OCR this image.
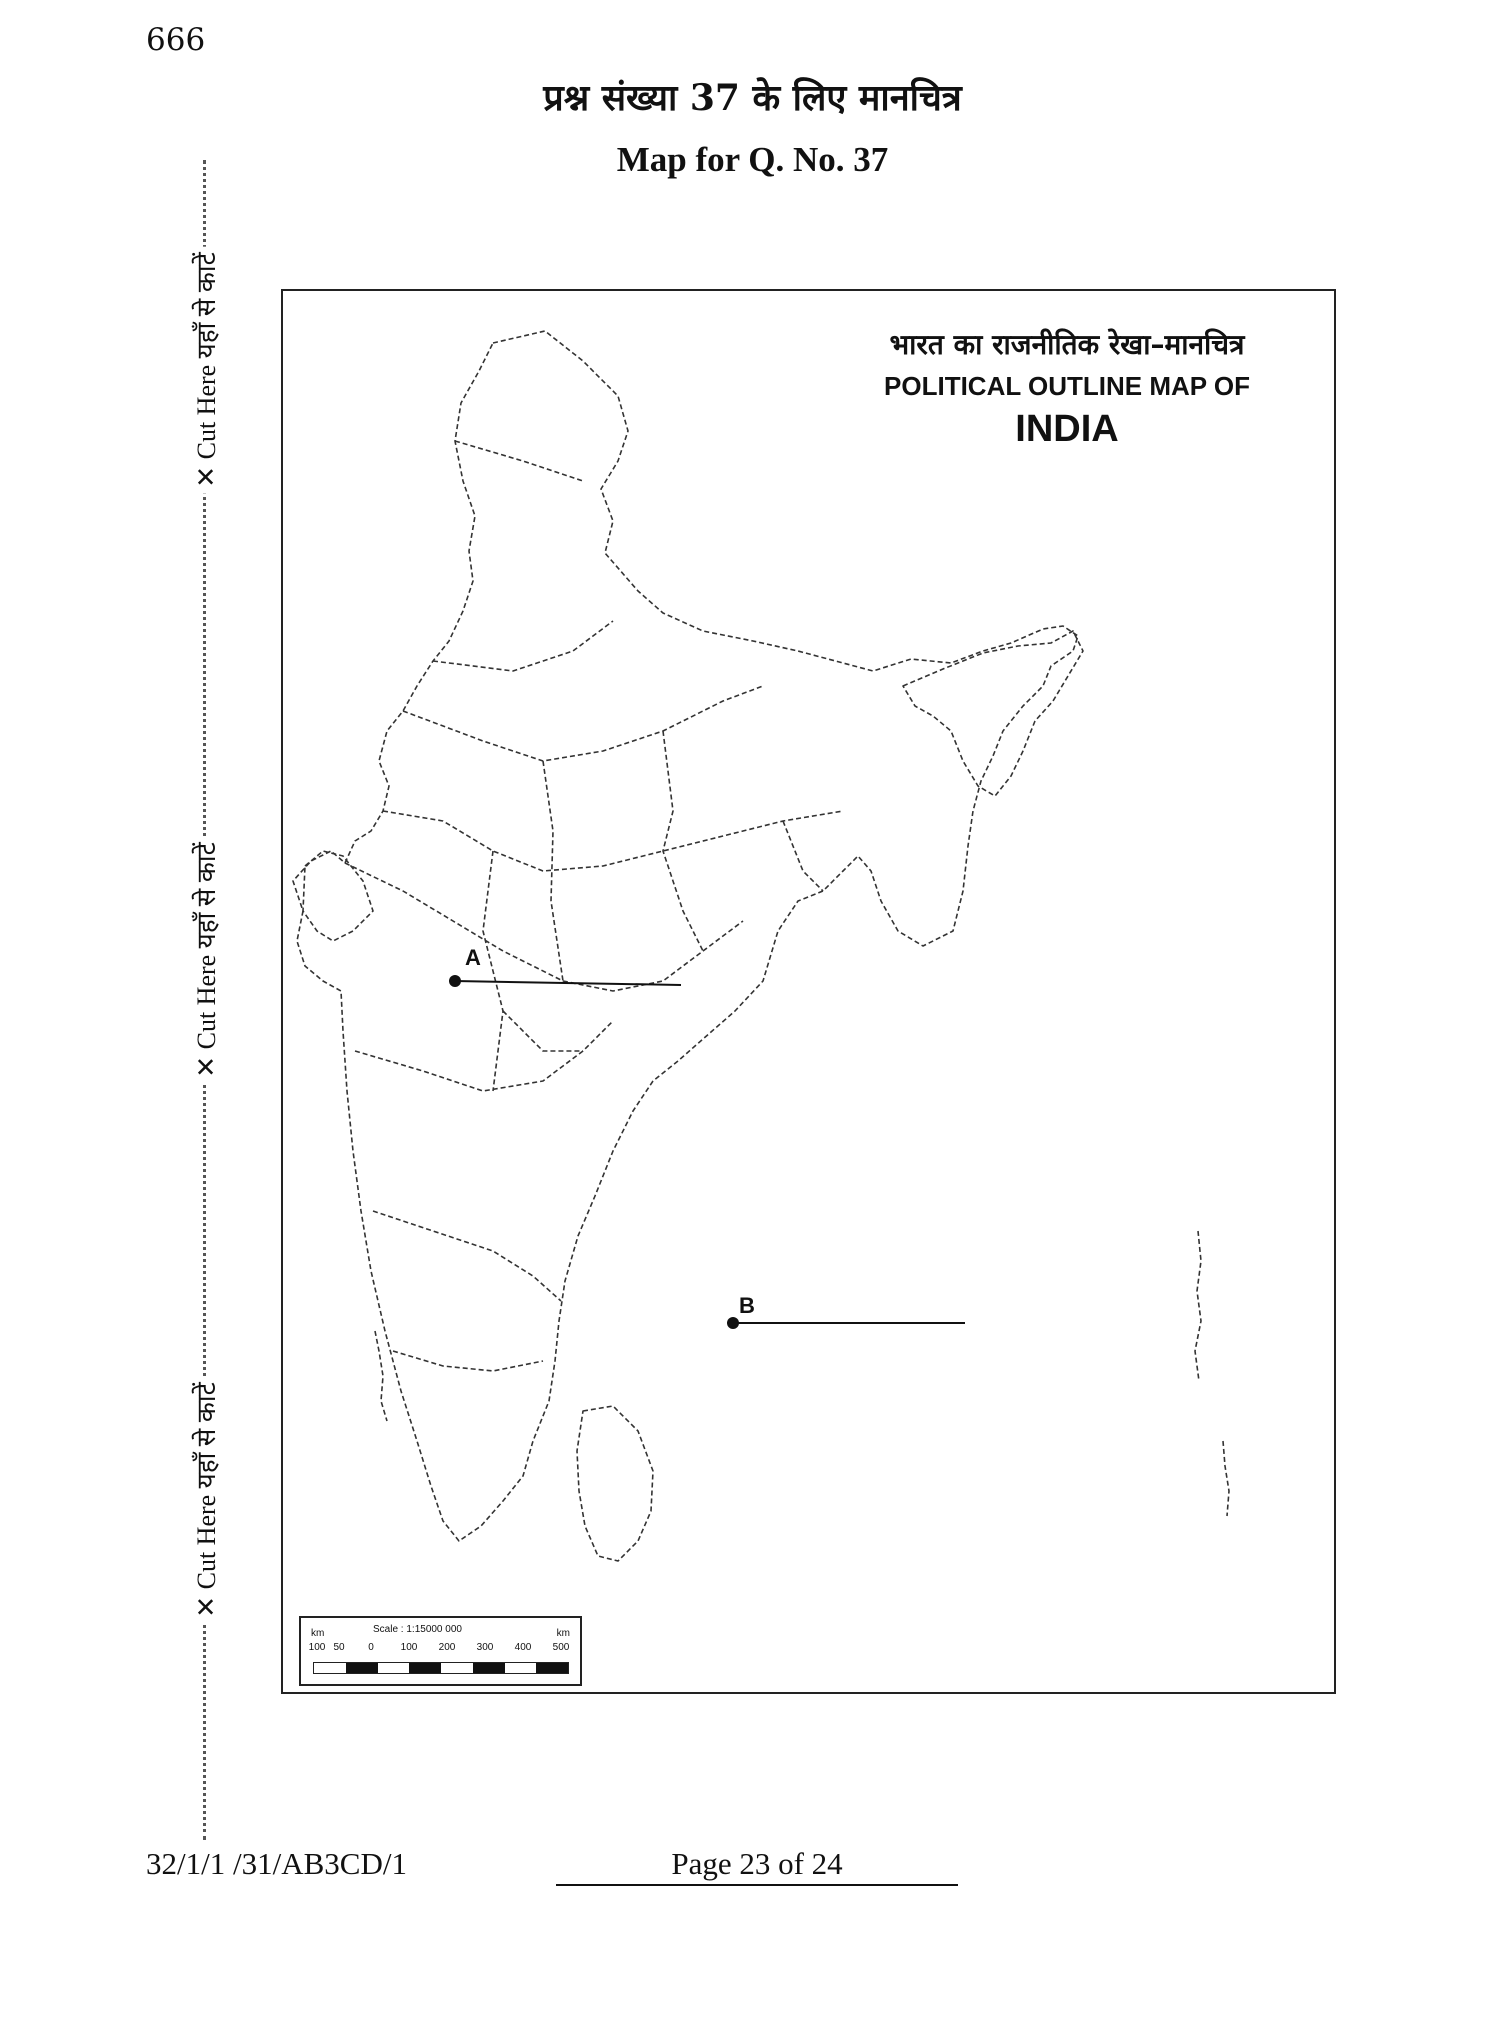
666
प्रश्न संख्या 37 के लिए मानचित्र
Map for Q. No. 37
✕ Cut Here यहाँ से काटें
✕ Cut Here यहाँ से काटें
✕ Cut Here यहाँ से काटें
भारत का राजनीतिक रेखा–मानचित्र
POLITICAL OUTLINE MAP OF
INDIA
A
B
km	Scale : 1:15000 000	km
100 50 0	100 200 300 400 500
32/1/1 /31/AB3CD/1	Page 23 of 24
